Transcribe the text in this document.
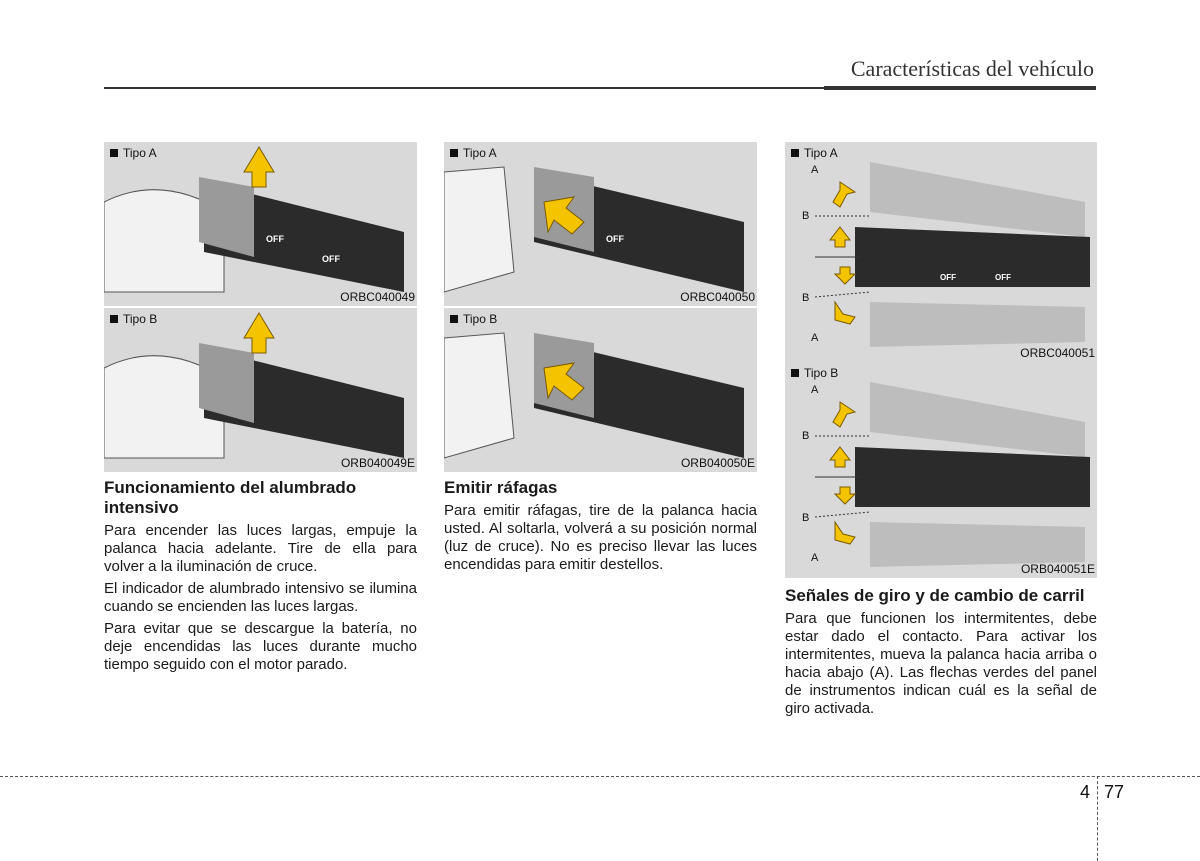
Características del vehículo
OFF
OFF
Tipo A
ORBC040049
Tipo B
ORB040049E
OFF
Tipo A
ORBC040050
Tipo B
ORB040050E
OFF	OFF
Tipo A
A
B
B
A
ORBC040051
Tipo B
A
B
B
A
ORB040051E
Funcionamiento del alumbrado intensivo

Para encender las luces largas, empuje la palanca hacia adelante. Tire de ella para volver a la iluminación de cruce.

El indicador de alumbrado intensivo se ilumina cuando se encienden las luces largas.

Para evitar que se descargue la batería, no deje encendidas las luces durante mucho tiempo seguido con el motor parado.

Emitir ráfagas

Para emitir ráfagas, tire de la palanca hacia usted. Al soltarla, volverá a su posición normal (luz de cruce). No es preciso llevar las luces encendidas para emitir destellos.

Señales de giro y de cambio de carril

Para que funcionen los intermitentes, debe estar dado el contacto. Para activar los intermitentes, mueva la palanca hacia arriba o hacia abajo (A). Las flechas verdes del panel de instrumentos indican cuál es la señal de giro activada.

4 77
